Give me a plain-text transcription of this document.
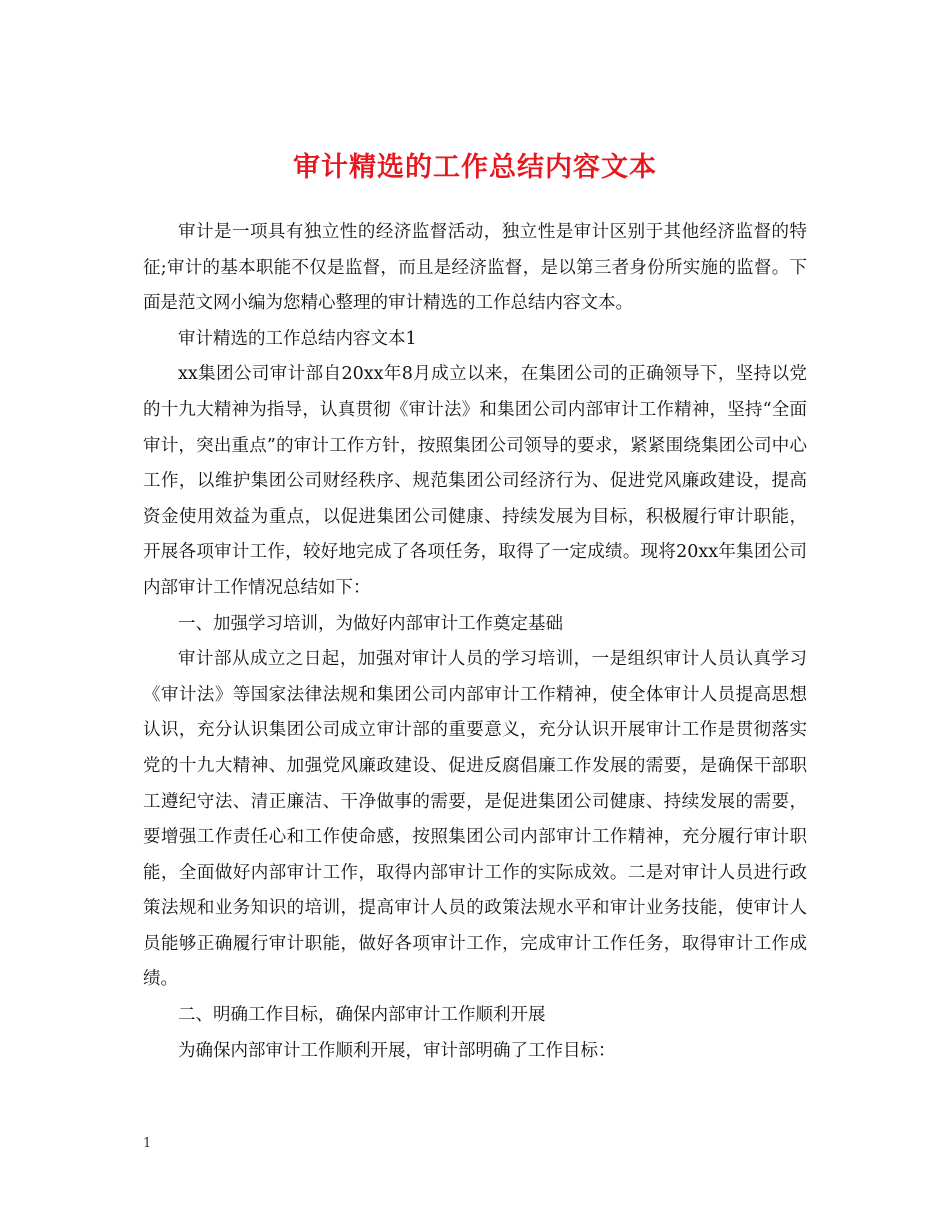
审计精选的工作总结内容文本

审计是一项具有独立性的经济监督活动，独立性是审计区别于其他经济监督的特征;审计的基本职能不仅是监督，而且是经济监督，是以第三者身份所实施的监督。下面是范文网小编为您精心整理的审计精选的工作总结内容文本。

审计精选的工作总结内容文本1

xx集团公司审计部自20xx年8月成立以来，在集团公司的正确领导下，坚持以党的十九大精神为指导，认真贯彻《审计法》和集团公司内部审计工作精神，坚持“全面审计，突出重点”的审计工作方针，按照集团公司领导的要求，紧紧围绕集团公司中心工作，以维护集团公司财经秩序、规范集团公司经济行为、促进党风廉政建设，提高资金使用效益为重点，以促进集团公司健康、持续发展为目标，积极履行审计职能，开展各项审计工作，较好地完成了各项任务，取得了一定成绩。现将20xx年集团公司内部审计工作情况总结如下：

一、加强学习培训，为做好内部审计工作奠定基础

审计部从成立之日起，加强对审计人员的学习培训，一是组织审计人员认真学习《审计法》等国家法律法规和集团公司内部审计工作精神，使全体审计人员提高思想认识，充分认识集团公司成立审计部的重要意义，充分认识开展审计工作是贯彻落实党的十九大精神、加强党风廉政建设、促进反腐倡廉工作发展的需要，是确保干部职工遵纪守法、清正廉洁、干净做事的需要，是促进集团公司健康、持续发展的需要，要增强工作责任心和工作使命感，按照集团公司内部审计工作精神，充分履行审计职能，全面做好内部审计工作，取得内部审计工作的实际成效。二是对审计人员进行政策法规和业务知识的培训，提高审计人员的政策法规水平和审计业务技能，使审计人员能够正确履行审计职能，做好各项审计工作，完成审计工作任务，取得审计工作成绩。

二、明确工作目标，确保内部审计工作顺利开展

为确保内部审计工作顺利开展，审计部明确了工作目标：

1
